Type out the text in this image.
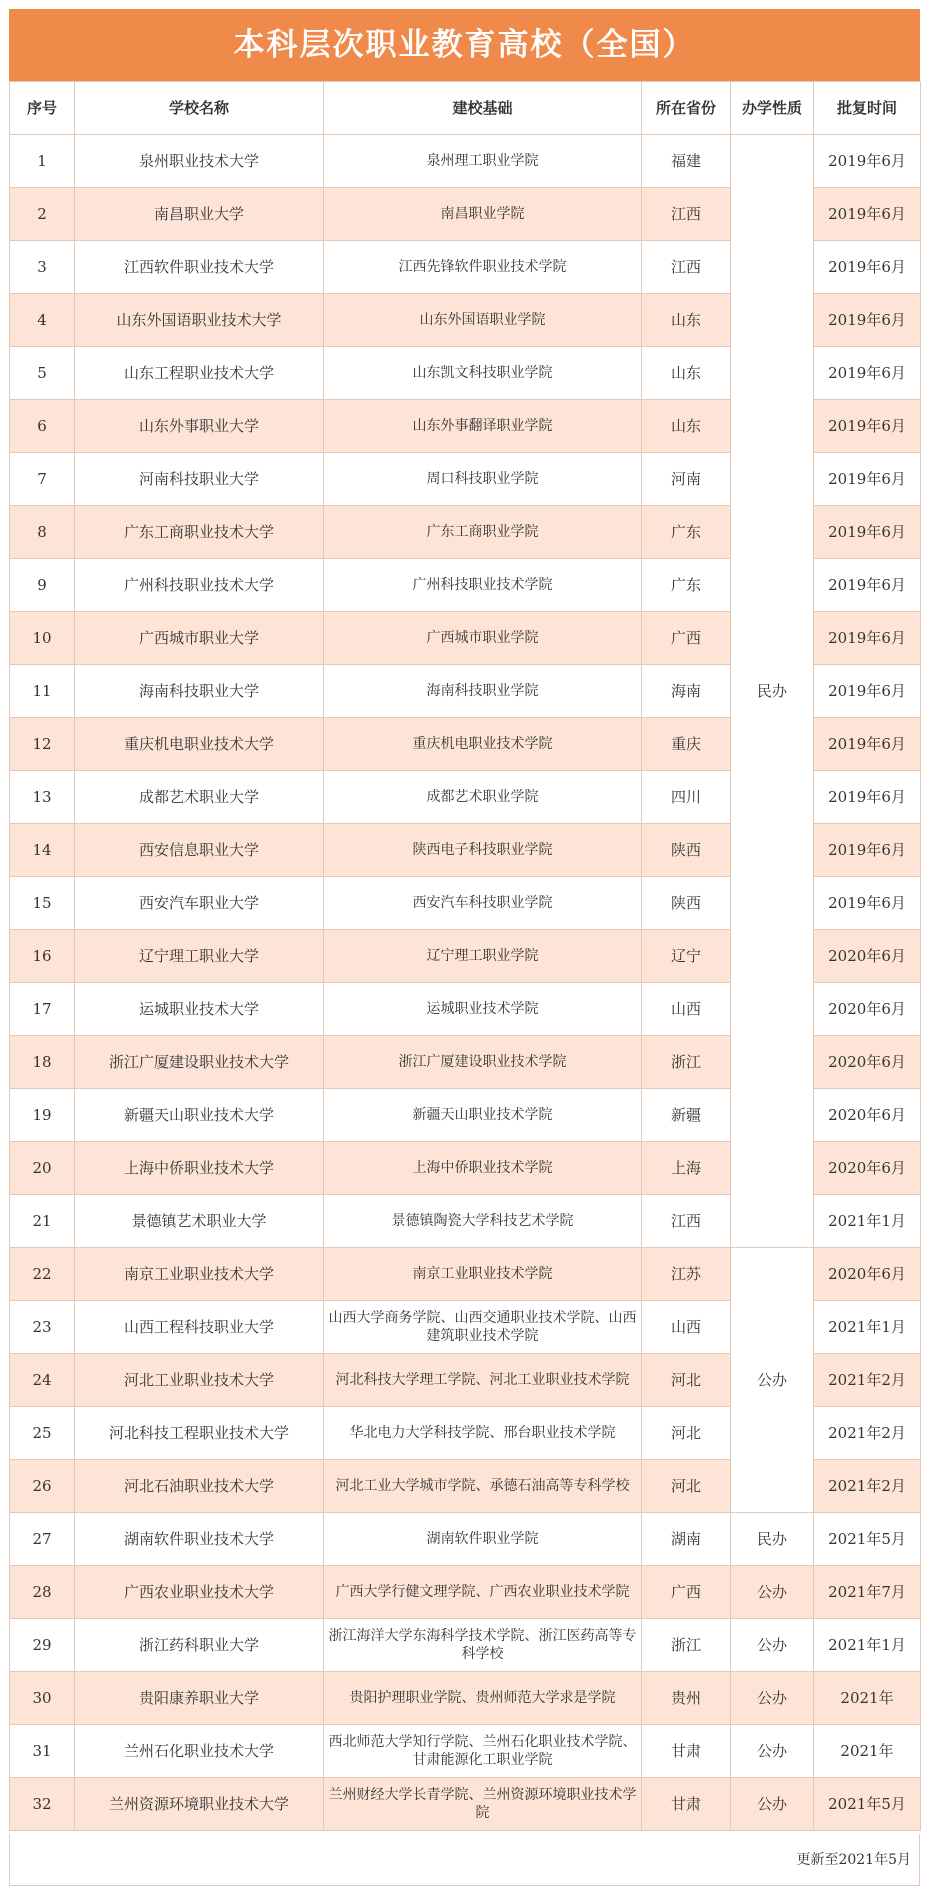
本科层次职业教育高校（全国）
序号	学校名称	建校基础	所在省份	办学性质	批复时间
1	泉州职业技术大学	泉州理工职业学院	福建	民办	2019年6月
2	南昌职业大学	南昌职业学院	江西		2019年6月
3	江西软件职业技术大学	江西先锋软件职业技术学院	江西		2019年6月
4	山东外国语职业技术大学	山东外国语职业学院	山东		2019年6月
5	山东工程职业技术大学	山东凯文科技职业学院	山东		2019年6月
6	山东外事职业大学	山东外事翻译职业学院	山东		2019年6月
7	河南科技职业大学	周口科技职业学院	河南		2019年6月
8	广东工商职业技术大学	广东工商职业学院	广东		2019年6月
9	广州科技职业技术大学	广州科技职业技术学院	广东		2019年6月
10	广西城市职业大学	广西城市职业学院	广西		2019年6月
11	海南科技职业大学	海南科技职业学院	海南		2019年6月
12	重庆机电职业技术大学	重庆机电职业技术学院	重庆		2019年6月
13	成都艺术职业大学	成都艺术职业学院	四川		2019年6月
14	西安信息职业大学	陕西电子科技职业学院	陕西		2019年6月
15	西安汽车职业大学	西安汽车科技职业学院	陕西		2019年6月
16	辽宁理工职业大学	辽宁理工职业学院	辽宁		2020年6月
17	运城职业技术大学	运城职业技术学院	山西		2020年6月
18	浙江广厦建设职业技术大学	浙江广厦建设职业技术学院	浙江		2020年6月
19	新疆天山职业技术大学	新疆天山职业技术学院	新疆		2020年6月
20	上海中侨职业技术大学	上海中侨职业技术学院	上海		2020年6月
21	景德镇艺术职业大学	景德镇陶瓷大学科技艺术学院	江西		2021年1月
22	南京工业职业技术大学	南京工业职业技术学院	江苏	公办	2020年6月
23	山西工程科技职业大学	山西大学商务学院、山西交通职业技术学院、山西建筑职业技术学院	山西		2021年1月
24	河北工业职业技术大学	河北科技大学理工学院、河北工业职业技术学院	河北		2021年2月
25	河北科技工程职业技术大学	华北电力大学科技学院、邢台职业技术学院	河北		2021年2月
26	河北石油职业技术大学	河北工业大学城市学院、承德石油高等专科学校	河北		2021年2月
27	湖南软件职业技术大学	湖南软件职业学院	湖南	民办	2021年5月
28	广西农业职业技术大学	广西大学行健文理学院、广西农业职业技术学院	广西	公办	2021年7月
29	浙江药科职业大学	浙江海洋大学东海科学技术学院、浙江医药高等专科学校	浙江	公办	2021年1月
30	贵阳康养职业大学	贵阳护理职业学院、贵州师范大学求是学院	贵州	公办	2021年
31	兰州石化职业技术大学	西北师范大学知行学院、兰州石化职业技术学院、甘肃能源化工职业学院	甘肃	公办	2021年
32	兰州资源环境职业技术大学	兰州财经大学长青学院、兰州资源环境职业技术学院	甘肃	公办	2021年5月
更新至2021年5月
